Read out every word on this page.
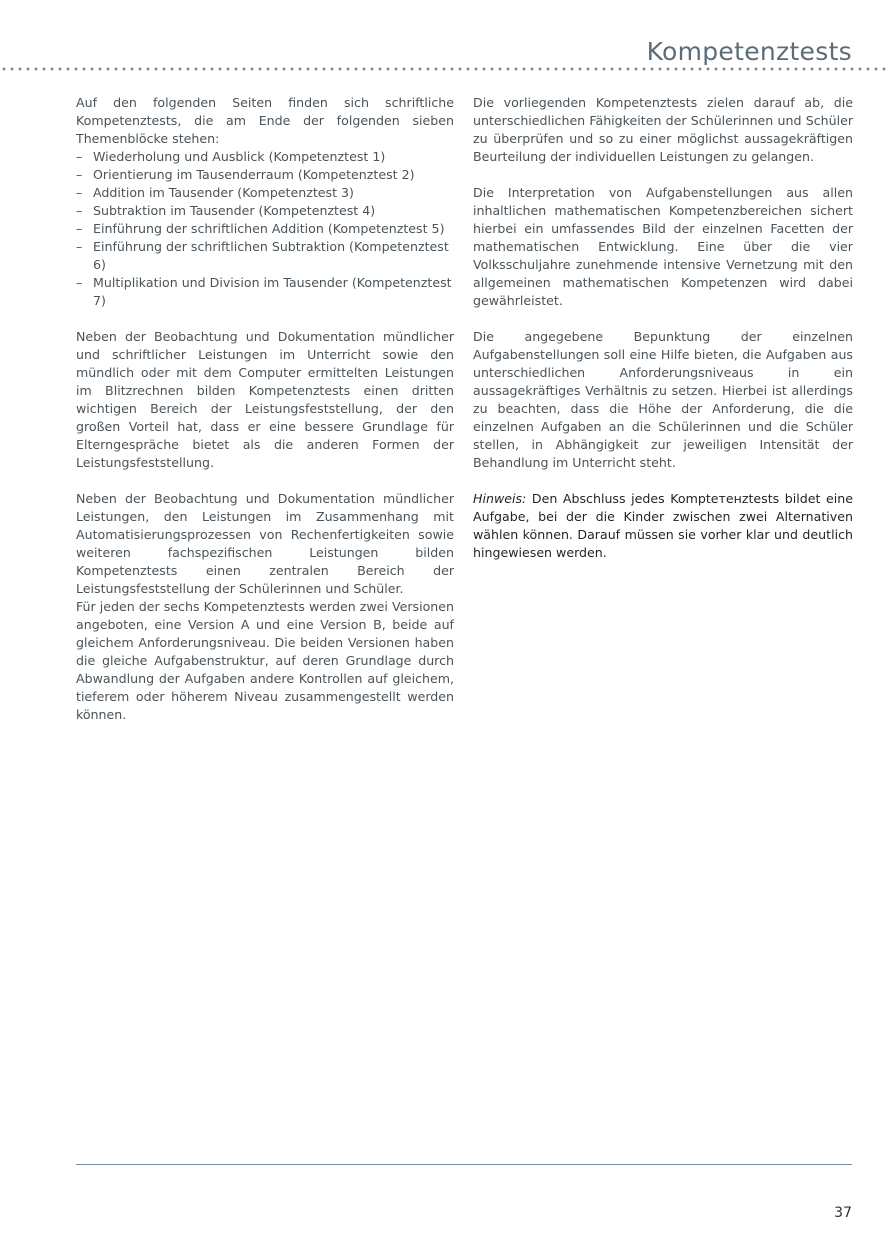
Kompetenztests

Auf den folgenden Seiten finden sich schriftliche Kompetenztests, die am Ende der folgenden sieben Themenblöcke stehen:

– Wiederholung und Ausblick (Kompetenztest 1)
– Orientierung im Tausenderraum (Kompetenztest 2)
– Addition im Tausender (Kompetenztest 3)
– Subtraktion im Tausender (Kompetenztest 4)
– Einführung der schriftlichen Addition (Kompetenztest 5)
– Einführung der schriftlichen Subtraktion (Kompetenztest 6)
– Multiplikation und Division im Tausender (Kompetenztest 7)

Neben der Beobachtung und Dokumentation mündlicher und schriftlicher Leistungen im Unterricht sowie den mündlich oder mit dem Computer ermittelten Leistungen im Blitzrechnen bilden Kompetenztests einen dritten wichtigen Bereich der Leistungsfeststellung, der den großen Vorteil hat, dass er eine bessere Grundlage für Elterngespräche bietet als die anderen Formen der Leistungsfeststellung.

Neben der Beobachtung und Dokumentation mündlicher Leistungen, den Leistungen im Zusammenhang mit Automatisierungsprozessen von Rechenfertigkeiten sowie weiteren fachspezifischen Leistungen bilden Kompetenztests einen zentralen Bereich der Leistungsfeststellung der Schülerinnen und Schüler.

Für jeden der sechs Kompetenztests werden zwei Versionen angeboten, eine Version A und eine Version B, beide auf gleichem Anforderungsniveau. Die beiden Versionen haben die gleiche Aufgabenstruktur, auf deren Grundlage durch Abwandlung der Aufgaben andere Kontrollen auf gleichem, tieferem oder höherem Niveau zusammengestellt werden können.

Die vorliegenden Kompetenztests zielen darauf ab, die unterschiedlichen Fähigkeiten der Schülerinnen und Schüler zu überprüfen und so zu einer möglichst aussagekräftigen Beurteilung der individuellen Leistungen zu gelangen.

Die Interpretation von Aufgabenstellungen aus allen inhaltlichen mathematischen Kompetenzbereichen sichert hierbei ein umfassendes Bild der einzelnen Facetten der mathematischen Entwicklung. Eine über die vier Volksschuljahre zunehmende intensive Vernetzung mit den allgemeinen mathematischen Kompetenzen wird dabei gewährleistet.

Die angegebene Bepunktung der einzelnen Aufgabenstellungen soll eine Hilfe bieten, die Aufgaben aus unterschiedlichen Anforderungsniveaus in ein aussagekräftiges Verhältnis zu setzen. Hierbei ist allerdings zu beachten, dass die Höhe der Anforderung, die die einzelnen Aufgaben an die Schülerinnen und die Schüler stellen, in Abhängigkeit zur jeweiligen Intensität der Behandlung im Unterricht steht.

Hinweis: Den Abschluss jedes Kompteтенztests bildet eine Aufgabe, bei der die Kinder zwischen zwei Alternativen wählen können. Darauf müssen sie vorher klar und deutlich hingewiesen werden.

37
